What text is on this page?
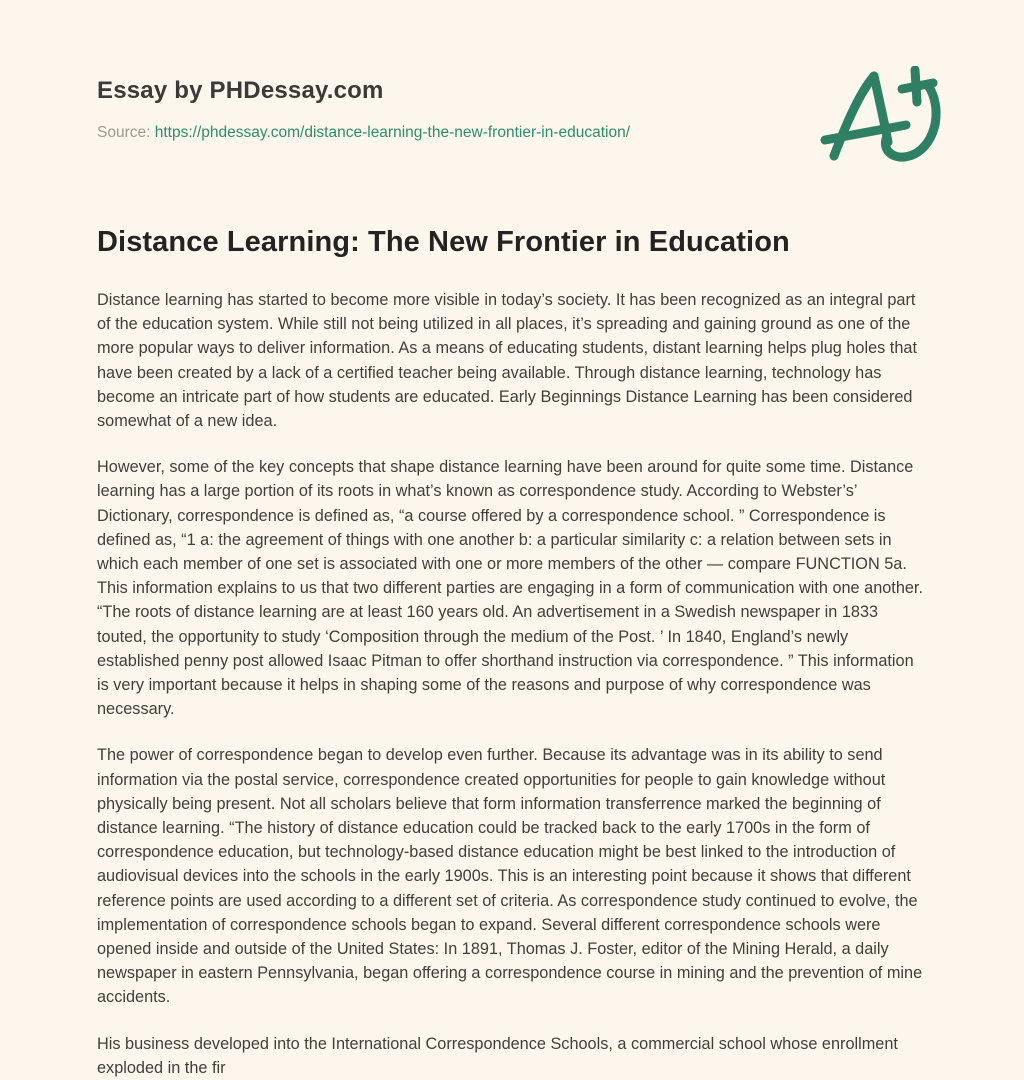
Essay by PHDessay.com
Source: https://phdessay.com/distance-learning-the-new-frontier-in-education/
Distance Learning: The New Frontier in Education

Distance learning has started to become more visible in today’s society. It has been recognized as an integral part of the education system. While still not being utilized in all places, it’s spreading and gaining ground as one of the more popular ways to deliver information. As a means of educating students, distant learning helps plug holes that have been created by a lack of a certified teacher being available. Through distance learning, technology has become an intricate part of how students are educated. Early Beginnings Distance Learning has been considered somewhat of a new idea.

However, some of the key concepts that shape distance learning have been around for quite some time. Distance learning has a large portion of its roots in what’s known as correspondence study. According to Webster’s’ Dictionary, correspondence is defined as, “a course offered by a correspondence school. ” Correspondence is defined as, “1 a: the agreement of things with one another b: a particular similarity c: a relation between sets in which each member of one set is associated with one or more members of the other — compare FUNCTION 5a. This information explains to us that two different parties are engaging in a form of communication with one another. “The roots of distance learning are at least 160 years old. An advertisement in a Swedish newspaper in 1833 touted, the opportunity to study ‘Composition through the medium of the Post. ’ In 1840, England’s newly established penny post allowed Isaac Pitman to offer shorthand instruction via correspondence. ” This information is very important because it helps in shaping some of the reasons and purpose of why correspondence was necessary.

The power of correspondence began to develop even further. Because its advantage was in its ability to send information via the postal service, correspondence created opportunities for people to gain knowledge without physically being present. Not all scholars believe that form information transferrence marked the beginning of distance learning. “The history of distance education could be tracked back to the early 1700s in the form of correspondence education, but technology-based distance education might be best linked to the introduction of audiovisual devices into the schools in the early 1900s. This is an interesting point because it shows that different reference points are used according to a different set of criteria. As correspondence study continued to evolve, the implementation of correspondence schools began to expand. Several different correspondence schools were opened inside and outside of the United States: In 1891, Thomas J. Foster, editor of the Mining Herald, a daily newspaper in eastern Pennsylvania, began offering a correspondence course in mining and the prevention of mine accidents.

His business developed into the International Correspondence Schools, a commercial school whose enrollment exploded in the fir
